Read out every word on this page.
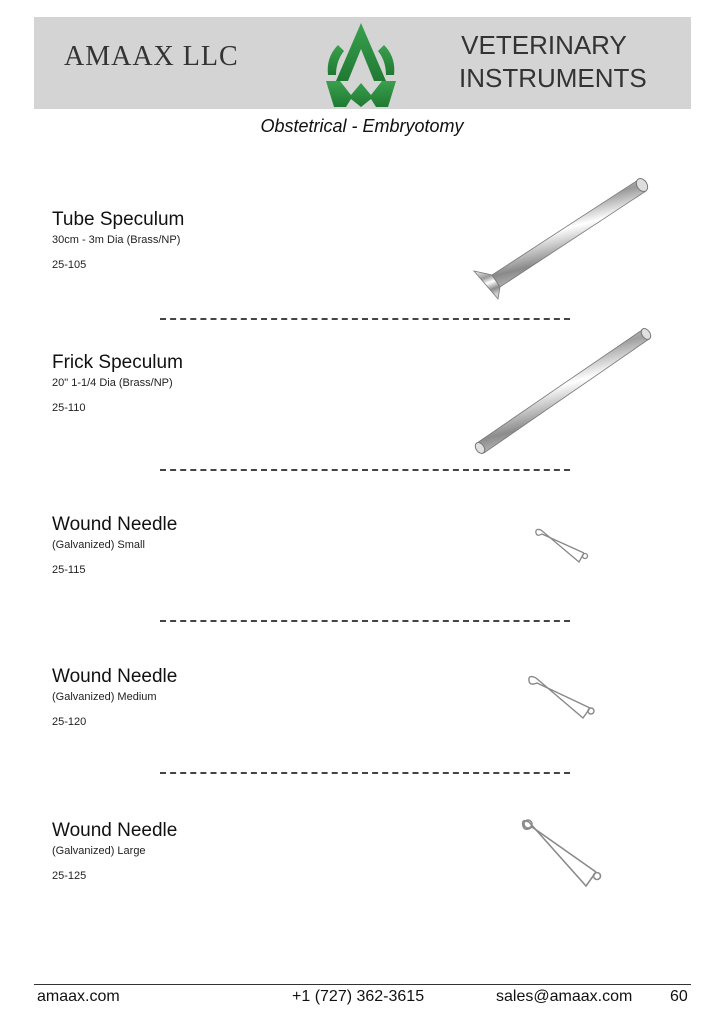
AMAAX LLC	VETERINARY
INSTRUMENTS
Obstetrical - Embryotomy
Tube Speculum
30cm - 3m Dia (Brass/NP)
25-105
Frick Speculum
20" 1-1/4 Dia (Brass/NP)
25-110
Wound Needle
(Galvanized) Small
25-115
Wound Needle
(Galvanized) Medium
25-120
Wound Needle
(Galvanized) Large
25-125
amaax.com	+1 (727) 362-3615	sales@amaax.com 60
